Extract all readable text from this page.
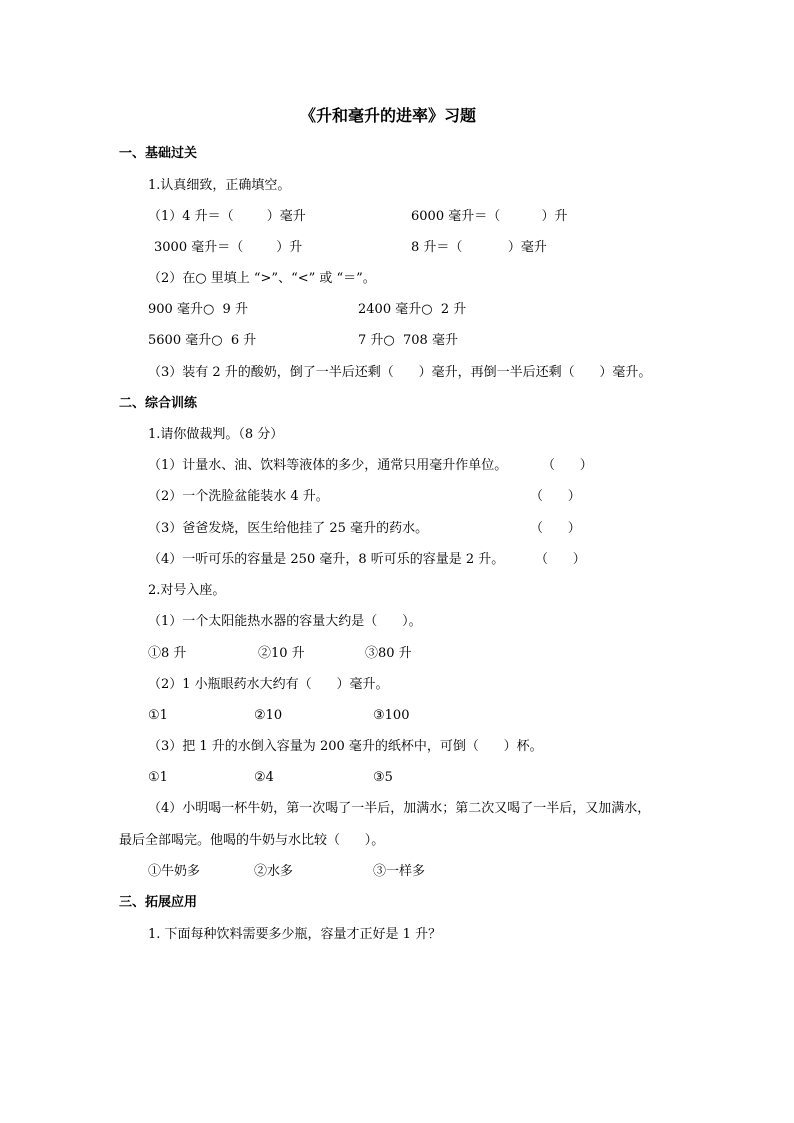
《升和毫升的进率》习题
一、基础过关
1.认真细致，正确填空。
（1）4 升＝（        ）毫升	6000 毫升＝（          ）升
3000 毫升＝（        ）升	8 升＝（           ）毫升
（2）在○ 里填上 “>”、“<” 或 “＝”。
900 毫升○  9 升	2400 毫升○  2 升
5600 毫升○  6 升	7 升○  708 毫升
（3）装有 2 升的酸奶，倒了一半后还剩（      ）毫升，再倒一半后还剩（      ）毫升。
二、综合训练
1.请你做裁判。（8 分）
（1）计量水、油、饮料等液体的多少，通常只用毫升作单位。	（      ）
（2）一个洗脸盆能装水 4 升。	（      ）
（3）爸爸发烧，医生给他挂了 25 毫升的药水。	（      ）
（4）一听可乐的容量是 250 毫升，8 听可乐的容量是 2 升。 （      ）
2.对号入座。
（1）一个太阳能热水器的容量大约是（      ）。
①8 升	②10 升	③80 升
（2）1 小瓶眼药水大约有（      ）毫升。
①1	②10	③100
（3）把 1 升的水倒入容量为 200 毫升的纸杯中，可倒（      ）杯。
①1	②4	③5
（4）小明喝一杯牛奶，第一次喝了一半后，加满水；第二次又喝了一半后，又加满水，
最后全部喝完。他喝的牛奶与水比较（      ）。
①牛奶多	②水多	③一样多
三、拓展应用
1. 下面每种饮料需要多少瓶，容量才正好是 1 升？
